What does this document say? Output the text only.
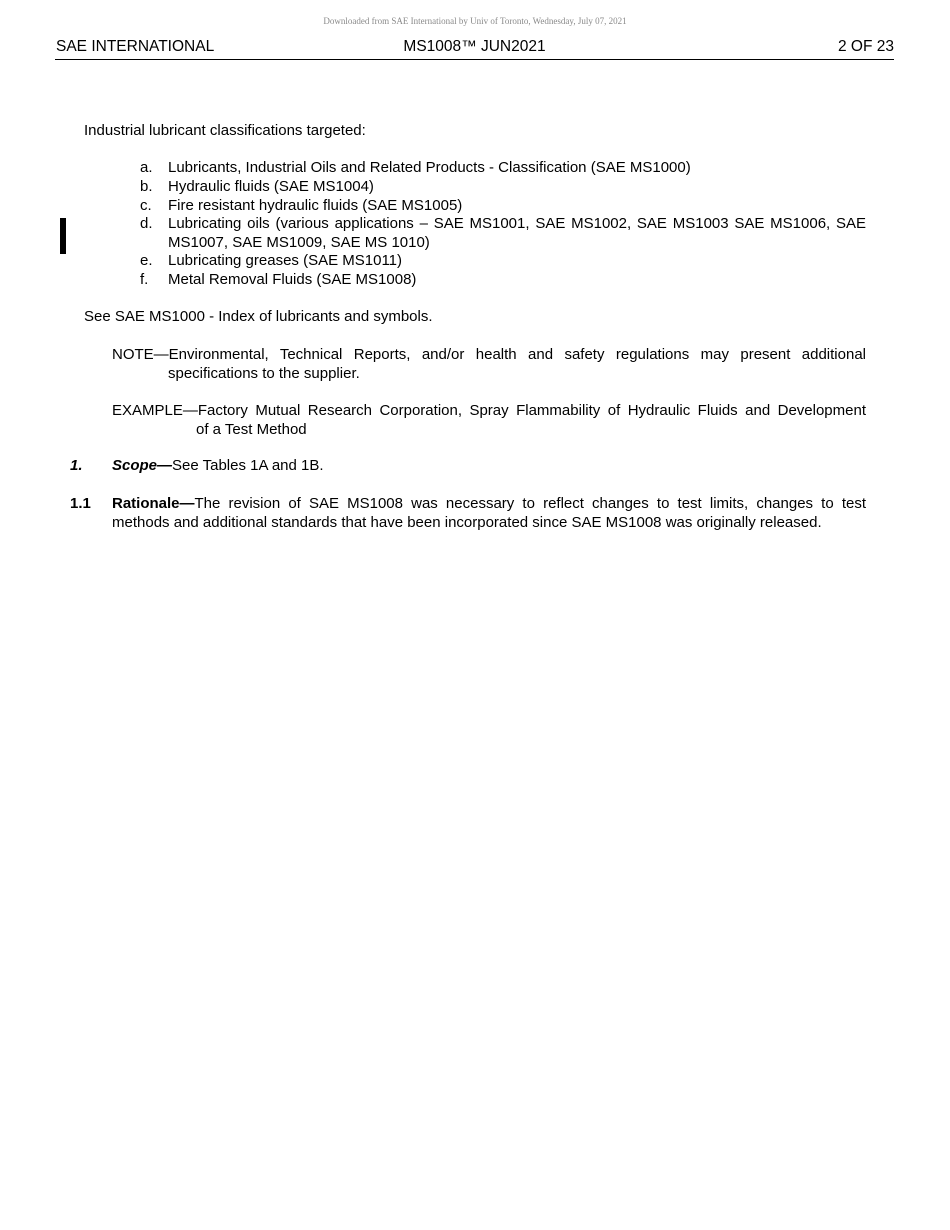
Downloaded from SAE International by Univ of Toronto, Wednesday, July 07, 2021
SAE INTERNATIONAL	MS1008™ JUN2021	2 OF 23
Industrial lubricant classifications targeted:
a.	Lubricants, Industrial Oils and Related Products - Classification (SAE MS1000)
b.	Hydraulic fluids (SAE MS1004)
c.	Fire resistant hydraulic fluids (SAE MS1005)
d.	Lubricating oils (various applications – SAE MS1001, SAE MS1002, SAE MS1003 SAE MS1006, SAE
MS1007, SAE MS1009, SAE MS 1010)
e.	Lubricating greases (SAE MS1011)
f.	Metal Removal Fluids (SAE MS1008)
See SAE MS1000 - Index of lubricants and symbols.
NOTE—Environmental, Technical Reports, and/or health and safety regulations may present additional
specifications to the supplier.
EXAMPLE—Factory Mutual Research Corporation, Spray Flammability of Hydraulic Fluids and Development
of a Test Method
1. Scope—See Tables 1A and 1B.
1.1 Rationale—The revision of SAE MS1008 was necessary to reflect changes to test limits, changes to test
methods and additional standards that have been incorporated since SAE MS1008 was originally released.
